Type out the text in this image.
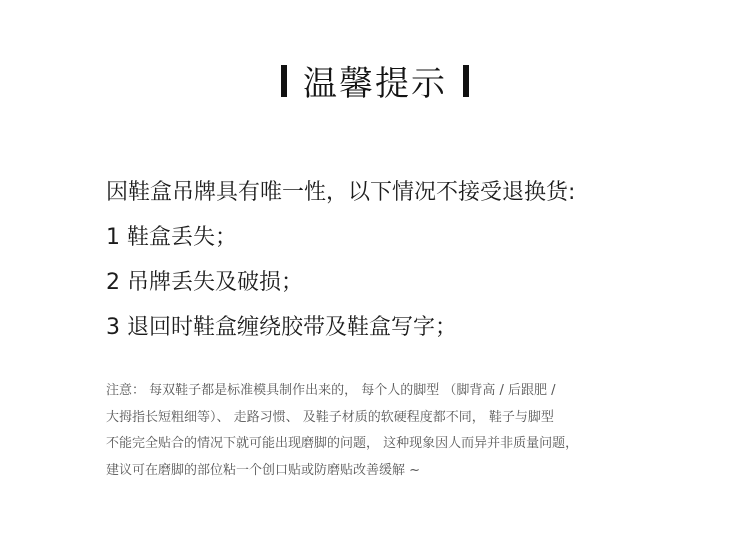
温馨提示
因鞋盒吊牌具有唯一性，以下情况不接受退换货:
1 鞋盒丢失；
2 吊牌丢失及破损；
3 退回时鞋盒缠绕胶带及鞋盒写字；
注意： 每双鞋子都是标准模具制作出来的， 每个人的脚型 （脚背高 / 后跟肥 /
大拇指长短粗细等）、 走路习惯、 及鞋子材质的软硬程度都不同， 鞋子与脚型
不能完全贴合的情况下就可能出现磨脚的问题， 这种现象因人而异并非质量问题，
建议可在磨脚的部位粘一个创口贴或防磨贴改善缓解 ~
